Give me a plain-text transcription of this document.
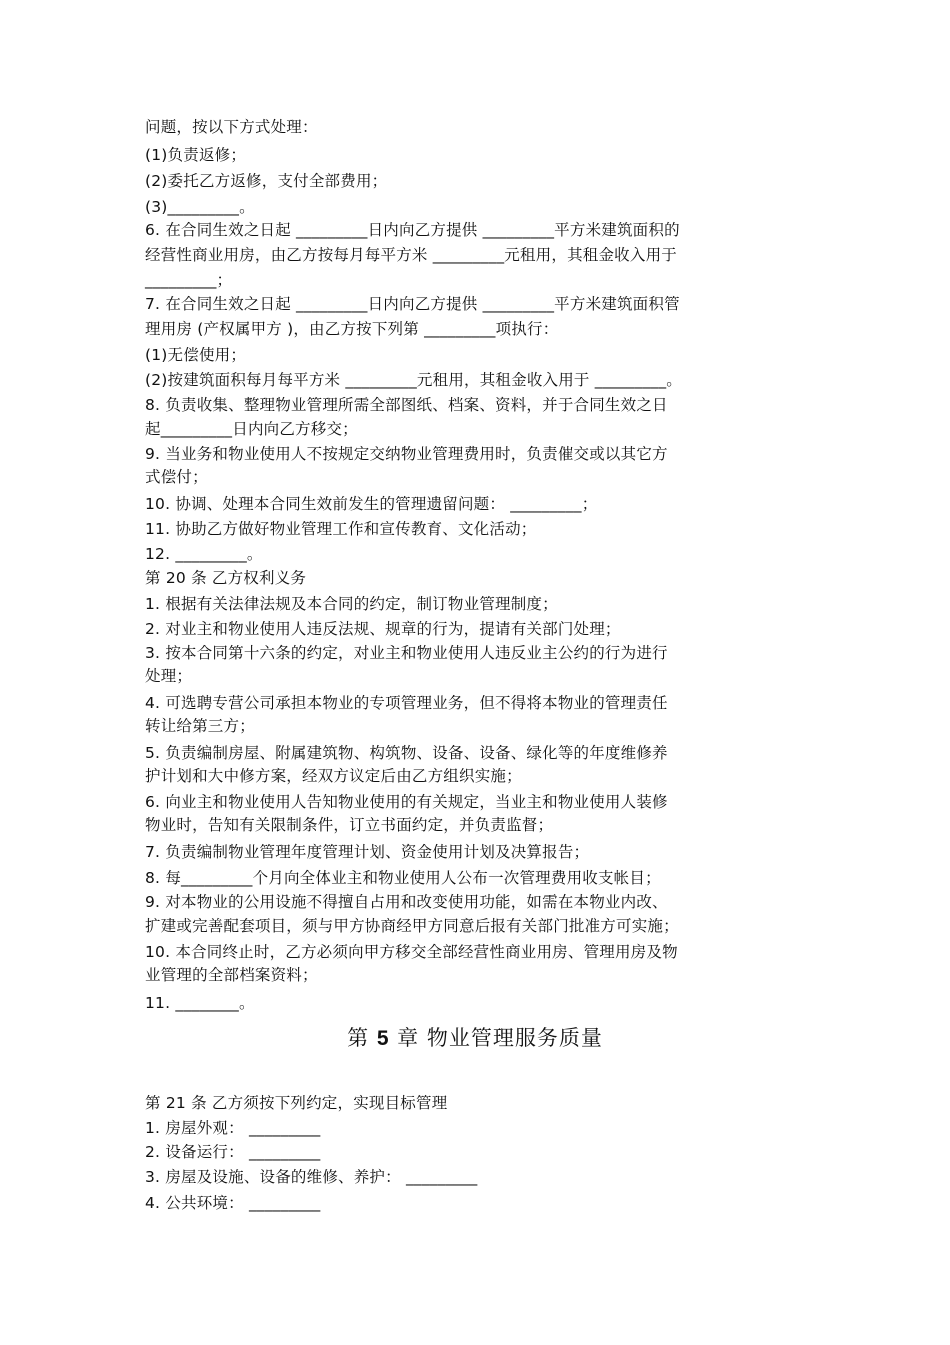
问题，按以下方式处理：
(1)负责返修；
(2)委托乙方返修，支付全部费用；
(3)_________。
6. 在合同生效之日起 _________日内向乙方提供 _________平方米建筑面积的
经营性商业用房，由乙方按每月每平方米 _________元租用，其租金收入用于
_________；
7. 在合同生效之日起 _________日内向乙方提供 _________平方米建筑面积管
理用房 (产权属甲方 )，由乙方按下列第 _________项执行：
(1)无偿使用；
(2)按建筑面积每月每平方米 _________元租用，其租金收入用于 _________。
8. 负责收集、整理物业管理所需全部图纸、档案、资料，并于合同生效之日
起_________日内向乙方移交；
9. 当业务和物业使用人不按规定交纳物业管理费用时，负责催交或以其它方
式偿付；
10. 协调、处理本合同生效前发生的管理遗留问题： _________；
11. 协助乙方做好物业管理工作和宣传教育、文化活动；
12. _________。
第 20 条 乙方权利义务
1. 根据有关法律法规及本合同的约定，制订物业管理制度；
2. 对业主和物业使用人违反法规、规章的行为，提请有关部门处理；
3. 按本合同第十六条的约定，对业主和物业使用人违反业主公约的行为进行
处理；
4. 可选聘专营公司承担本物业的专项管理业务，但不得将本物业的管理责任
转让给第三方；
5. 负责编制房屋、附属建筑物、构筑物、设备、设备、绿化等的年度维修养
护计划和大中修方案，经双方议定后由乙方组织实施；
6. 向业主和物业使用人告知物业使用的有关规定，当业主和物业使用人装修
物业时，告知有关限制条件，订立书面约定，并负责监督；
7. 负责编制物业管理年度管理计划、资金使用计划及决算报告；
8. 每_________个月向全体业主和物业使用人公布一次管理费用收支帐目；
9. 对本物业的公用设施不得擅自占用和改变使用功能，如需在本物业内改、
扩建或完善配套项目，须与甲方协商经甲方同意后报有关部门批准方可实施；
10. 本合同终止时，乙方必须向甲方移交全部经营性商业用房、管理用房及物
业管理的全部档案资料；
11. ________。
第 5 章 物业管理服务质量
第 21 条 乙方须按下列约定，实现目标管理
1. 房屋外观： _________
2. 设备运行： _________
3. 房屋及设施、设备的维修、养护： _________
4. 公共环境： _________
